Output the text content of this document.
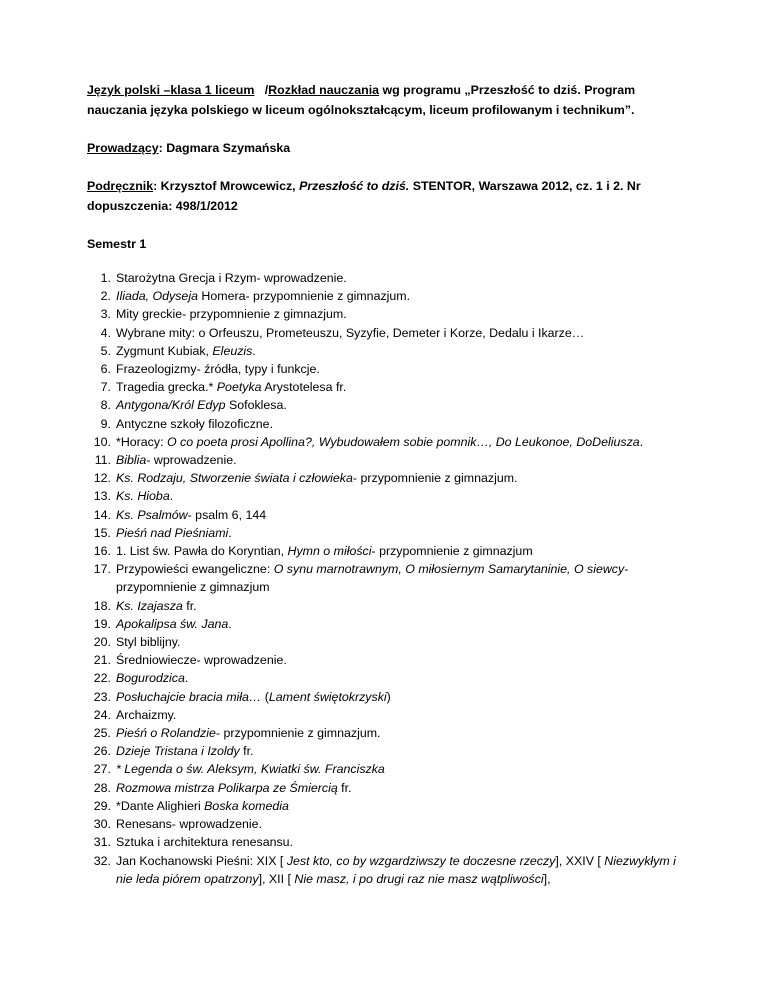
Język polski –klasa 1 liceum   /Rozkład nauczania wg programu „Przeszłość to dziś. Program nauczania języka polskiego w liceum ogólnokształcącym, liceum profilowanym i technikum”.

Prowadzący: Dagmara Szymańska

Podręcznik: Krzysztof Mrowcewicz, Przeszłość to dziś. STENTOR, Warszawa 2012, cz. 1 i 2. Nr dopuszczenia: 498/1/2012

Semestr 1

1. Starożytna Grecja i Rzym- wprowadzenie.
2. Iliada, Odyseja Homera- przypomnienie z gimnazjum.
3. Mity greckie- przypomnienie z gimnazjum.
4. Wybrane mity: o Orfeuszu, Prometeuszu, Syzyfie, Demeter i Korze, Dedalu i Ikarze…
5. Zygmunt Kubiak, Eleuzis.
6. Frazeologizmy- źródła, typy i funkcje.
7. Tragedia grecka.* Poetyka Arystotelesa fr.
8. Antygona/Król Edyp Sofoklesa.
9. Antyczne szkoły filozoficzne.
10. *Horacy: O co poeta prosi Apollina?, Wybudowałem sobie pomnik…, Do Leukonoe, DoDeliusza.
11. Biblia- wprowadzenie.
12. Ks. Rodzaju, Stworzenie świata i człowieka- przypomnienie z gimnazjum.
13. Ks. Hioba.
14. Ks. Psalmów- psalm 6, 144
15. Pieśń nad Pieśniami.
16. 1. List św. Pawła do Koryntian, Hymn o miłości- przypomnienie z gimnazjum
17. Przypowieści ewangeliczne: O synu marnotrawnym, O miłosiernym Samarytaninie, O siewcy- przypomnienie z gimnazjum
18. Ks. Izajasza fr.
19. Apokalipsa św. Jana.
20. Styl biblijny.
21. Średniowiecze- wprowadzenie.
22. Bogurodzica.
23. Posłuchajcie bracia miła… (Lament świętokrzyski)
24. Archaizmy.
25. Pieśń o Rolandzie- przypomnienie z gimnazjum.
26. Dzieje Tristana i Izoldy fr.
27. * Legenda o św. Aleksym, Kwiatki św. Franciszka
28. Rozmowa mistrza Polikarpa ze Śmiercią fr.
29. *Dante Alighieri Boska komedia
30. Renesans- wprowadzenie.
31. Sztuka i architektura renesansu.
32. Jan Kochanowski Pieśni: XIX [ Jest kto, co by wzgardziwszy te doczesne rzeczy], XXIV [ Niezwykłym i nie leda piórem opatrzony], XII [ Nie masz, i po drugi raz nie masz wątpliwości],
